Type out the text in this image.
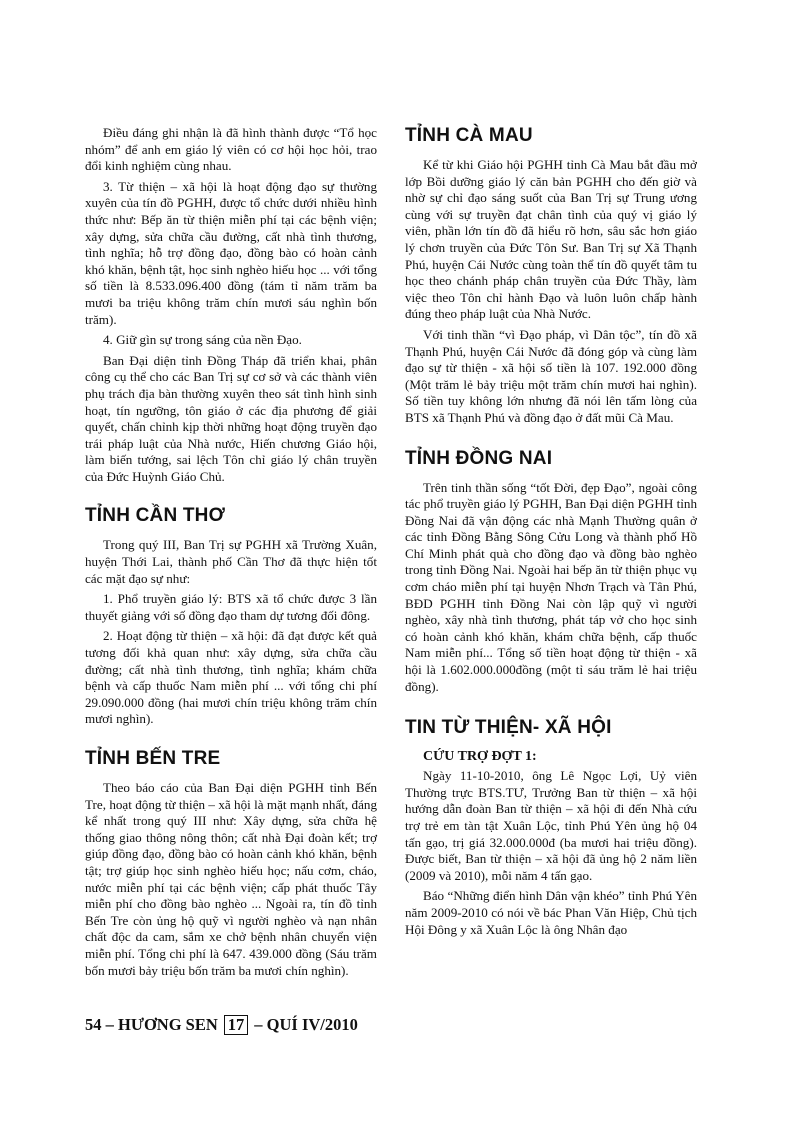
Điều đáng ghi nhận là đã hình thành được “Tổ học nhóm” để anh em giáo lý viên có cơ hội học hỏi, trao đổi kinh nghiệm cùng nhau.

3. Từ thiện – xã hội là hoạt động đạo sự thường xuyên của tín đồ PGHH, được tổ chức dưới nhiều hình thức như: Bếp ăn từ thiện miễn phí tại các bệnh viện; xây dựng, sửa chữa cầu đường, cất nhà tình thương, tình nghĩa; hỗ trợ đồng đạo, đồng bào có hoàn cảnh khó khăn, bệnh tật, học sinh nghèo hiếu học ... với tổng số tiền là 8.533.096.400 đồng (tám tỉ năm trăm ba mươi ba triệu không trăm chín mươi sáu nghìn bốn trăm).

4. Giữ gìn sự trong sáng của nền Đạo.

Ban Đại diện tỉnh Đồng Tháp đã triển khai, phân công cụ thể cho các Ban Trị sự cơ sở và các thành viên phụ trách địa bàn thường xuyên theo sát tình hình sinh hoạt, tín ngưỡng, tôn giáo ở các địa phương để giải quyết, chấn chỉnh kịp thời những hoạt động truyền đạo trái pháp luật của Nhà nước, Hiến chương Giáo hội, làm biến tướng, sai lệch Tôn chỉ giáo lý chân truyền của Đức Huỳnh Giáo Chủ.

TỈNH CẦN THƠ

Trong quý III, Ban Trị sự PGHH xã Trường Xuân, huyện Thới Lai, thành phố Cần Thơ đã thực hiện tốt các mặt đạo sự như:

1. Phổ truyền giáo lý: BTS xã tổ chức được 3 lần thuyết giảng với số đồng đạo tham dự tương đối đông.

2. Hoạt động từ thiện – xã hội: đã đạt được kết quả tương đối khả quan như: xây dựng, sửa chữa cầu đường; cất nhà tình thương, tình nghĩa; khám chữa bệnh và cấp thuốc Nam miễn phí ... với tổng chi phí 29.090.000 đồng (hai mươi chín triệu không trăm chín mươi nghìn).

TỈNH BẾN TRE

Theo báo cáo của Ban Đại diện PGHH tỉnh Bến Tre, hoạt động từ thiện – xã hội là mặt mạnh nhất, đáng kể nhất trong quý III như: Xây dựng, sửa chữa hệ thống giao thông nông thôn; cất nhà Đại đoàn kết; trợ giúp đồng đạo, đồng bào có hoàn cảnh khó khăn, bệnh tật; trợ giúp học sinh nghèo hiếu học; nấu cơm, cháo, nước miễn phí tại các bệnh viện; cấp phát thuốc Tây miễn phí cho đồng bào nghèo ... Ngoài ra, tín đồ tỉnh Bến Tre còn ủng hộ quỹ vì người nghèo và nạn nhân chất độc da cam, sắm xe chở bệnh nhân chuyển viện miễn phí. Tổng chi phí là 647. 439.000 đồng (Sáu trăm bốn mươi bảy triệu bốn trăm ba mươi chín nghìn).

TỈNH CÀ MAU

Kể từ khi Giáo hội PGHH tỉnh Cà Mau bắt đầu mở lớp Bồi dưỡng giáo lý căn bản PGHH cho đến giờ và nhờ sự chỉ đạo sáng suốt của Ban Trị sự Trung ương cùng với sự truyền đạt chân tình của quý vị giáo lý viên, phần lớn tín đồ đã hiểu rõ hơn, sâu sắc hơn giáo lý chơn truyền của Đức Tôn Sư. Ban Trị sự Xã Thạnh Phú, huyện Cái Nước cùng toàn thể tín đồ quyết tâm tu học theo chánh pháp chân truyền của Đức Thầy, làm việc theo Tôn chỉ hành Đạo và luôn luôn chấp hành đúng theo pháp luật của Nhà Nước.

Với tinh thần “vì Đạo pháp, vì Dân tộc”, tín đồ xã Thạnh Phú, huyện Cái Nước đã đóng góp và cùng làm đạo sự từ thiện - xã hội số tiền là 107. 192.000 đồng (Một trăm lẻ bảy triệu một trăm chín mươi hai nghìn). Số tiền tuy không lớn nhưng đã nói lên tấm lòng của BTS xã Thạnh Phú và đồng đạo ở đất mũi Cà Mau.

TỈNH ĐỒNG NAI

Trên tinh thần sống “tốt Đời, đẹp Đạo”, ngoài công tác phổ truyền giáo lý PGHH, Ban Đại diện PGHH tỉnh Đồng Nai đã vận động các nhà Mạnh Thường quân ở các tỉnh Đồng Bằng Sông Cửu Long và thành phố Hồ Chí Minh phát quà cho đồng đạo và đồng bào nghèo trong tỉnh Đồng Nai. Ngoài hai bếp ăn từ thiện phục vụ cơm cháo miễn phí tại huyện Nhơn Trạch và Tân Phú, BĐD PGHH tỉnh Đồng Nai còn lập quỹ vì người nghèo, xây nhà tình thương, phát táp vở cho học sinh có hoàn cảnh khó khăn, khám chữa bệnh, cấp thuốc Nam miễn phí... Tổng số tiền hoạt động từ thiện - xã hội là 1.602.000.000đồng (một tỉ sáu trăm lẻ hai triệu đồng).

TIN TỪ THIỆN- XÃ HỘI
CỨU TRỢ ĐỢT 1:

Ngày 11-10-2010, ông Lê Ngọc Lợi, Uỷ viên Thường trực BTS.TƯ, Trưởng Ban từ thiện – xã hội hướng dẫn đoàn Ban từ thiện – xã hội đi đến Nhà cứu trợ trẻ em tàn tật Xuân Lộc, tỉnh Phú Yên ủng hộ 04 tấn gạo, trị giá 32.000.000đ (ba mươi hai triệu đồng). Được biết, Ban từ thiện – xã hội đã ủng hộ 2 năm liền (2009 và 2010), mỗi năm 4 tấn gạo.

Báo “Những điển hình Dân vận khéo” tỉnh Phú Yên năm 2009-2010 có nói về bác Phan Văn Hiệp, Chủ tịch Hội Đông y xã Xuân Lộc là ông Nhân đạo

54 – HƯƠNG SEN 17 – QUÍ IV/2010
